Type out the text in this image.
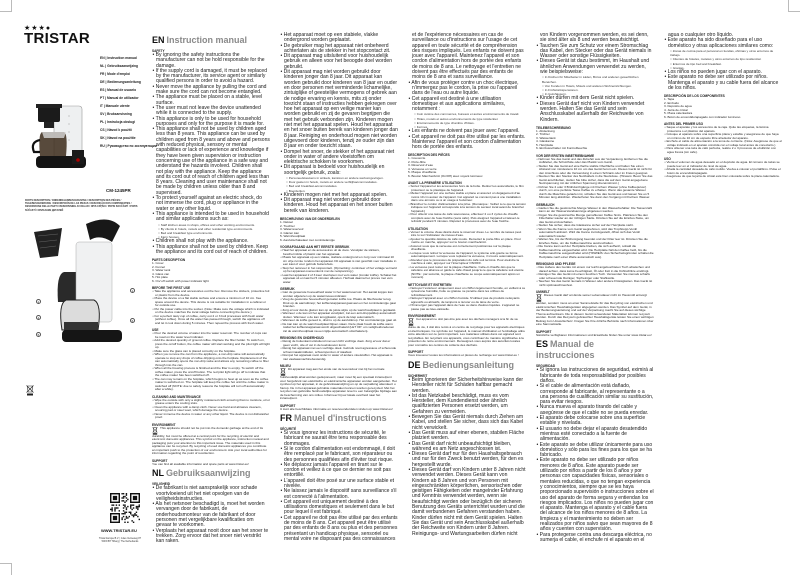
★★★●
TRISTAR
EN | Instruction manual
NL | Gebruiksaanwijzing
FR | Mode d'emploi
DE | Bedienungsanleitung
ES | Manual de usuario
PT | Manual de utilizador
IT | Manuale utente
SV | Bruksanvisning
PL | Instrukcja obsługi
CS | Návod k použití
SK | Návod na použitie
RU | Руководство по эксплуатации
CM-1245PR
PARTS DESCRIPTION / ONDERDELENBESCHRIJVING / DESCRIPTION DES PIÈCES / TEILEBESCHREIBUNG / DESCRIPCIÓN DE LAS PIEZAS / DESCRIÇÃO DOS COMPONENTES / DESCRIZIONE DELLE PARTI / BESKRIVNING AV DELAR / OPIS CZĘŚCI / POPIS SOUČÁSTÍ / POPIS SÚČASTÍ / ОПИСАНИЕ ДЕТАЛЕЙ
1
2
4
5
6
WWW.TRISTAR.EU
Tristar Europe B.V. | Jules Verneweg 87
5015 BH Tilburg | The Netherlands
EN Instruction manual
SAFETY
• By ignoring the safety instructions the manufacturer can not be hold responsible for the damage.
• If the supply cord is damaged, it must be replaced by the manufacturer, its service agent or similarly qualified persons in order to avoid a hazard.
• Never move the appliance by pulling the cord and make sure the cord can not become entangled.
• The appliance must be placed on a stable, level surface.
• The user must not leave the device unattended while it is connected to the supply.
• This appliance is only to be used for household purposes and only for the purpose it is made for.
• This appliance shall not be used by children aged less than 8 years. This appliance can be used by children aged from 8 years and above and persons with reduced physical, sensory or mental capabilities or lack of experience and knowledge if they have been given supervision or instruction concerning use of the appliance in a safe way and understand the hazards involved. Children shall not play with the appliance. Keep the appliance and its cord out of reach of children aged less than 8 years. Cleaning and user maintenance shall not be made by children unless older than 8 and supervised.
• To protect yourself against an electric shock, do not immerse the cord, plug or appliance in the water or any other liquid.
• This appliance is intended to be used in household and similar applications such as:
○ Staff kitchen areas in shops, offices and other working environments.
○ By clients in hotels, motels and other residential type environments.
○ Bed and breakfast type environments.
○ Farm houses.
• Children shall not play with the appliance.
• This appliance shall not be used by children. Keep the appliance and its cord out of reach of children.
PARTS DESCRIPTION
1. Cover
2. Funnel
3. Water tank
4. Glass can
5. Hot plate
6. On/ off switch with power indicator light
BEFORE THE FIRST USE
• Take the appliance and accessories out the box. Remove the stickers, protective foil or plastic from the device.
• Place the device on a flat stable surface and ensure a minimum of 10 cm. free space around the device. This device is not suitable for installation in a cabinet or for outside use.
• Put the power cable into the socket. (Note: Make sure the voltage which is indicated on the device matches the local voltage before connecting the device.)
• For a perfect tasty cup of coffee, carry out 2 or 3 boil processes with fresh water (without coffee). Once all the water has passed through, switch the appliance off and let it cool down during 5 minutes. Then repeat the process with fresh water.
USE
• Pour the desired volume of water into the water reservoir. The number of cups can be read on the water level indicator.
• Add the desired quantity of ground coffee. Replace the filter holder. To switch on, press the on/off button, the coffee maker will start working and the pilot light will light up.
• Make sure the glass can is placed correctly on the hotplate.
• When you remove the can from the appliance, a non-drip valve will automatically operate to stop any drops of coffee dripping onto the hotplate. Replacement of the can automatically opens the non-drip valve and allows any remaining coffee to filter through into the can.
• When all the brewing process is finished and the filter is empty. To switch off the coffee maker, press the on/off button. The red pilot light will go off to indicate that the coffee maker has been switched off.
• The can may remain on the hotplate, which begins to heat up as soon as the coffee maker is switched on. The hotplate will keep the coffee hot until the coffee maker is switched off (NOTE: due to safety reasons the hotplate will turn off automatically after a while).
CLEANING AND MAINTENANCE
• Wipe the outside with only a slightly moistened cloth ensuring that no moisture, oil or grease enters the cooling slots.
• Clean the appliance with a damp cloth. Never use hard and abrasive cleaners, scouring pad or steel wool, which damage the device.
• Never immerse the device in water or any other liquid. The device is not dishwasher proof.
ENVIRONMENT
This appliance should not be put into the domestic garbage at the end of its durability, but must be offered at a central point for the recycling of electric and electronic domestic appliances. This symbol on the appliance, instruction manual and packaging puts your attention to this important issue. The materials used in this appliance can be recycled. By recycling of used domestic appliances you contribute an important push to the protection of our environment. Ask your local authorities for information regarding the point of recollection.
SUPPORT
You can find all available information and spare parts at www.tristar.eu!
NL Gebruiksaanwijzing
VEILIGHEID
• De fabrikant is niet aansprakelijk voor schade voortvloeiend uit het niet opvolgen van de veiligheidsinstructies.
• Als het netsnoer beschadigd is, moet het worden vervangen door de fabrikant, de onderhoudsmonteur van de fabrikant of door personen met vergelijkbare kwalificaties om gevaar te voorkomen.
• Verplaats het apparaat nooit door aan het snoer te trekken. Zorg ervoor dat het snoer niet verstrikt kan raken.
• Het apparaat moet op een stabiele, vlakke ondergrond worden geplaatst.
• De gebruiker mag het apparaat niet onbeheerd achterlaten als de stekker in het stopcontact zit.
• Dit apparaat mag uitsluitend voor huishoudelijk gebruik en alleen voor het beoogde doel worden gebruikt.
• Dit apparaat mag niet worden gebruikt door kinderen jonger dan 8 jaar. Dit apparaat kan worden gebruikt door kinderen van 8 jaar en ouder en door personen met verminderde lichamelijke, zintuiglijke of geestelijke vermogens of gebrek aan de nodige ervaring en kennis, mits zij onder toezicht staan of instructies hebben gekregen over hoe het apparaat op een veilige manier kan worden gebruikt en zij de gevaren begrijpen die met het gebruik verbonden zijn. Kinderen mogen niet met het apparaat spelen. Houd het apparaat en het snoer buiten bereik van kinderen jonger dan 8 jaar. Reiniging en onderhoud mogen niet worden uitgevoerd door kinderen, tenzij ze ouder zijn dan 8 jaar en onder toezicht staan.
• Dompel het snoer, de stekker of het apparaat niet onder in water of andere vloeistoffen om elektrische schokken te voorkomen.
• Dit apparaat is bedoeld voor huishoudelijk en soortgelijk gebruik, zoals:
○ Personeelskeukens in winkels, kantoren en andere werkomgevingen.
○ Door gasten in hotels, motels en andere verblijfsaccommodaties.
○ Bed and breakfast-accommodaties.
○ Boerderijen.
• Kinderen mogen niet met het apparaat spelen.
• Dit apparaat mag niet worden gebruikt door kinderen. Houd het apparaat en het snoer buiten bereik van kinderen.
BESCHRIJVING VAN DE ONDERDELEN
1. Deksel
2. Trechter
3. Waterreservoir
4. Glazen kan
5. Warmhoudplaat
6. Aan/uitschakelaar met controlelampje
VOORAFGAAND AAN HET EERSTE GEBRUIK
• Haal het apparaat en de accessoires uit de doos. Verwijder de stickers, beschermfolie of plastic van het apparaat.
• Plaats het apparaat op een vlakke, stabiele ondergrond en zorg voor minimaal 10 cm vrije ruimte rondom het apparaat. Dit apparaat is niet geschikt voor installatie in een kast of voor gebruik buitenshuis.
• Stop het netsnoer in het stopcontact. (Opmerking: controleer of het voltage vermeld op het apparaat overeenkomt met de netspanning.)
• Laat het apparaat 2 of 3 keer doorlopen met vers water (zonder koffie). Schakel het apparaat uit en laat het 5 minuten afkoelen. Herhaal daarna het proces met vers water.
GEBRUIK
• Giet de gewenste hoeveelheid water in het waterreservoir. Het aantal kopjes kan worden afgelezen op de waterniveau-indicator.
• Voeg de gewenste hoeveelheid gemalen koffie toe. Plaats de filterhouder terug. Druk op de aan/uitknop; het koffiezetapparaat gaat aan en het controlelampje gaat branden.
• Zorg ervoor dat de glazen kan op de juiste wijze op de warmhoudplaat is geplaatst.
• Wanneer u de kan uit het apparaat verwijdert, zal een anti-druppelklep automatisch sluiten. Wanneer u de kan terugplaatst, opent de klep automatisch.
• Wanneer de koffie gereed is, drukt u op de aan/uitknop. Het controlelampje gaat uit.
• De kan kan op de warmhoudplaat blijven staan. Deze plaat houdt de koffie warm totdat het koffiezetapparaat wordt uitgeschakeld (LET OP: om veiligheidsredenen zal de warmhoudplaat na een tijdje automatisch uitschakelen).
REINIGING EN ONDERHOUD
• Reinig de buitenkant uitsluitend met een licht vochtige doek. Zorg ervoor dat er geen vocht, olie of vet in de koelsleuven komt.
• Reinig het apparaat met een vochtige doek. Gebruik nooit agressieve of schurende schoonmaakmiddelen, schuursponzen of staalwol.
• Dompel het apparaat nooit onder in water of andere vloeistoffen. Het apparaat is niet vaatwasmachinebestendig.
MILIEU
Dit apparaat mag aan het einde van de levensduur niet bij het normale huishoudelijk afval worden gedeponeerd, maar moet bij een speciaal inzamelpunt voor hergebruik van elektrische en elektronische apparaten worden aangeboden. Het symbool op het apparaat, in de gebruiksaanwijzing en op de verpakking attendeert u hierop. De in het apparaat gebruikte materialen kunnen worden gerecycled. Met het recyclen van gebruikte huishoudelijke apparaten levert u een belangrijke bijdrage aan de bescherming van ons milieu. Informeer bij uw lokale overheid naar het inzamelpunt.
SUPPORT
U kunt alle beschikbare informatie en reserveonderdelen vinden op www.tristar.eu!
FR Manuel d'instructions
SÉCURITÉ
• Si vous ignorez les instructions de sécurité, le fabricant ne saurait être tenu responsable des dommages.
• Si le cordon d'alimentation est endommagé, il doit être remplacé par le fabricant, son réparateur ou des personnes qualifiées afin d'éviter tout risque.
• Ne déplacez jamais l'appareil en tirant sur le cordon et veillez à ce que ce dernier ne soit pas entortillé.
• L'appareil doit être posé sur une surface stable et nivelée.
• Ne laissez jamais le dispositif sans surveillance s'il est connecté à l'alimentation.
• Cet appareil est uniquement destiné à des utilisations domestiques et seulement dans le but pour lequel il est fabriqué.
• Cet appareil ne doit pas être utilisé par des enfants de moins de 8 ans. Cet appareil peut être utilisé par des enfants de 8 ans ou plus et des personnes présentant un handicap physique, sensoriel ou mental voire ne disposant pas des connaissances et de l'expérience nécessaires en cas de surveillance ou d'instructions sur l'usage de cet appareil en toute sécurité et de compréhension des risques impliqués. Les enfants ne doivent pas jouer avec l'appareil. Maintenez l'appareil et son cordon d'alimentation hors de portée des enfants de moins de 8 ans. Le nettoyage et l'entretien ne doivent pas être effectués par des enfants de moins de 8 ans et sans surveillance.
• Afin de vous protéger contre un choc électrique, n'immergez pas le cordon, la prise ou l'appareil dans de l'eau ou autre liquide.
• Cet appareil est destiné à une utilisation domestique et aux applications similaires, notamment :
○ Coin cuisine des commerces, bureaux et autres environnements de travail.
○ Hôtes, motels et autres environnements de type résidentiel.
○ Environnements de type chambre d'hôtes.
○ Fermes.
• Les enfants ne doivent pas jouer avec l'appareil.
• Cet appareil ne doit pas être utilisé par les enfants. Maintenez l'appareil et son cordon d'alimentation hors de portée des enfants.
DESCRIPTION DES PIÈCES
1. Couvercle
2. Porte-filtre
3. Réservoir d'eau
4. Verseuse en verre
5. Plaque chauffante
6. Bouton Marche/Arrêt (On/Off) avec voyant lumineux
AVANT LA PREMIÈRE UTILISATION
• Sortez l'appareil et les accessoires hors de la boîte. Retirez les autocollants, le film protecteur ou le plastique de l'appareil.
• Mettez l'appareil sur une surface stable et plane et assurez un dégagement d'au moins 10 cm autour de l'appareil. Cet appareil ne convient pas à une installation dans une armoire ou à un usage à l'extérieur.
• Branchez le cordon d'alimentation à la prise. (Remarque : Veillez à ce que la tension indiquée sur l'appareil corresponde à la tension du secteur local avant de brancher l'appareil.)
• Pour obtenir une tasse de café savoureuse, effectuez 2 ou 3 cycles de chauffe complets avec de l'eau fraîche (sans café). Puis éteignez l'appareil et laissez-le refroidir pendant 5 minutes. Répétez le processus avec de l'eau fraîche.
UTILISATION
• Versez le volume d'eau désiré dans le réservoir d'eau. Le nombre de tasses peut être lu sur l'indicateur de niveau d'eau.
• Ajoutez la quantité désirée de café moulu. Remettez le porte-filtre en place. Pour mettre en marche, appuyez sur le bouton marche/arrêt.
• Assurez-vous que la verseuse est correctement positionnée sur la plaque chauffante.
• Lorsque vous retirez la verseuse de l'appareil, le système anti-goutte se ferme automatiquement. Lorsque vous replacez la verseuse, il s'ouvre automatiquement.
• Attendez que le processus de préparation du café soit terminé. Pour éteindre la machine à café, appuyez sur l'interrupteur ON/OFF.
• La verseuse peut rester sur la plaque chauffante. Celle-ci chauffe dès que la cafetière est allumée et garde le café chaud jusqu'à ce que la cafetière soit éteinte (NOTE : par sécurité, la plaque chauffante se coupe automatiquement après un moment).
NETTOYAGE ET ENTRETIEN
• Nettoyez l'extérieur uniquement avec un chiffon légèrement humide, en veillant à ce qu'aucune humidité, huile ou graisse ne pénètre dans les orifices de refroidissement.
• Nettoyez l'appareil avec un chiffon humide. N'utilisez pas de produits nettoyants agressifs ou abrasifs, de tampons à récurer ou de laine de verre.
• N'immergez pas l'appareil dans de l'eau ou dans d'autres liquides. L'appareil ne passe pas au lave-vaisselle.
ENVIRONNEMENT
Cet appareil ne doit pas être jeté avec les déchets ménagers à la fin de sa durée de vie, il doit être remis à un centre de recyclage pour les appareils électriques et électroniques. Ce symbole sur l'appareil, le manuel d'utilisation et l'emballage attire votre attention sur ce point important. Les matériaux utilisés dans cet appareil sont recyclables. En recyclant vos appareils, vous contribuez de manière significative à la protection de notre environnement. Renseignez-vous auprès des autorités locales pour connaître les centres de collecte des déchets.
SUPPORT
Vous trouverez toutes les informations et pièces de rechange sur www.tristar.eu !
DE Bedienungsanleitung
SICHERHEIT
• Beim Ignorieren der Sicherheitshinweise kann der Hersteller nicht für Schäden haftbar gemacht werden.
• Ist das Netzkabel beschädigt, muss es vom Hersteller, dem Kundendienst oder ähnlich qualifizierten Personen ersetzt werden, um Gefahren zu vermeiden.
• Bewegen Sie das Gerät niemals durch Ziehen am Kabel, und stellen Sie sicher, dass sich das Kabel nicht verwickelt.
• Das Gerät muss auf einer ebenen, stabilen Fläche platziert werden.
• Das Gerät darf nicht unbeaufsichtigt bleiben, während es am Netz angeschlossen ist.
• Dieses Gerät darf nur für den Haushaltsgebrauch und nur für den Zweck benutzt werden, für den es hergestellt wurde.
• Dieses Gerät darf von Kindern unter 8 Jahren nicht verwendet werden. Dieses Gerät kann von Kindern ab 8 Jahren und von Personen mit eingeschränkten körperlichen, sensorischen oder geistigen Fähigkeiten oder mangelnder Erfahrung und Kenntnis verwendet werden, wenn sie beaufsichtigt werden oder bezüglich der sicheren Benutzung des Geräts unterrichtet wurden und die damit verbundenen Gefahren verstanden haben. Kinder dürfen nicht mit dem Gerät spielen. Halten Sie das Gerät und sein Anschlusskabel außerhalb der Reichweite von Kindern unter 8 Jahren. Reinigungs- und Wartungsarbeiten dürfen nicht von Kindern vorgenommen werden, es sei denn, sie sind älter als 8 und werden beaufsichtigt.
• Tauchen Sie zum Schutz vor einem Stromschlag das Kabel, den Stecker oder das Gerät niemals in Wasser oder sonstige Flüssigkeiten.
• Dieses Gerät ist dazu bestimmt, im Haushalt und ähnlichen Anwendungen verwendet zu werden, wie beispielsweise:
○ In Küchen für Mitarbeiter in Läden, Büros und anderen gewerblichen Bereichen.
○ Von Kunden in Hotels, Motels und anderen Wohneinrichtungen.
○ In Frühstückspensionen.
○ In Gutshäusern.
• Kinder dürfen mit dem Gerät nicht spielen.
• Dieses Gerät darf nicht von Kindern verwendet werden. Halten Sie das Gerät und sein Anschlusskabel außerhalb der Reichweite von Kindern.
TEILEBESCHREIBUNG
1. Abdeckung
2. Trichter
3. Wassertank
4. Glaskanne
5. Heizplatte
6. Ein/Ausschalter mit Kontrollleuchte
VOR DER ERSTEN INBETRIEBNAHME
• Nehmen Sie das Gerät und das Zubehör aus der Verpackung. Entfernen Sie die Aufkleber, die Schutzfolie oder das Plastik vom Gerät.
• Stellen Sie das Gerät auf eine flache stabile Oberfläche und halten Sie einen Abstand von mindestens 10 cm um das Gerät herum ein. Dieses Gerät ist nicht für den Anschluss oder die Verwendung in einem Schrank oder im Freien geeignet.
• Stecken Sie den Stecker des Netzkabels in die Steckdose. (Hinweis: Bevor Sie das Gerät anschließen, stellen Sie bitte sicher, dass die auf dem Gerät angegebene Netzspannung mit der örtlichen Spannung übereinstimmt.)
• Führen Sie 2 oder 3 Brühdurchgänge mit frischem Wasser (ohne Kaffeepulver) durch, um eine perfekte Tasse Kaffee zu erhalten. Wenn das gesamte Wasser durch die Maschine gelaufen ist, schalten Sie das Gerät aus und lassen Sie es 5 Minuten lang abkühlen. Wiederholen Sie dann den Vorgang mit frischem Wasser.
GEBRAUCH
• Gießen Sie die gewünschte Menge Wasser in den Wasserbehälter. Die Tassenzahl kann an der Wasserstandsanzeige abgelesen werden.
• Fügen Sie die gewünschte Menge gemahlenen Kaffee hinzu. Platzieren Sie den Filterhalter wieder an der richtigen Stelle. Drücken Sie auf die Ein/Aus-Taste, um das Gerät einzuschalten.
• Stellen Sie sicher, dass die Glaskanne sicher auf der Heizplatte steht.
• Wenn Sie die Kanne vom Gerät wegnehmen, wird das Tropfstopp-Ventil automatisch aktiviert. Wird die Kanne zurückgestellt, öffnet sich das Ventil automatisch wieder.
• Warten Sie, bis der Brühvorgang beendet und der Filter leer ist. Drücken Sie die Ein/Aus-Taste, um die Kaffeemaschine auszuschalten.
• Die Kanne kann auf der Heizplatte bleiben, die sich aufheizt, sobald die Kaffeemaschine eingeschaltet wird. Die Heizplatte hält den Kaffee heiß, bis die Kaffeemaschine ausgeschaltet wird (HINWEIS: Aus Sicherheitsgründen schaltet die Heizplatte nach einer Weile automatisch aus).
REINIGUNG UND PFLEGE
• Das Äußere des Geräts mit einem nur leicht angefeuchteten Tuch abwischen und darauf achten, dass keine Feuchtigkeit, Öl oder Fett in die Kühlschlitze eindringt.
• Reinigen Sie das Gerät mit einem feuchten Tuch. Verwenden Sie niemals scharfe oder scheuernde Reiniger, Topfreiniger oder Stahlwolle.
• Tauchen Sie das Gerät niemals in Wasser oder andere Flüssigkeiten. Das Gerät ist nicht spülmaschinenfest.
UMWELT
Dieses Gerät darf am Ende seiner Lebensdauer nicht im Hausmüll entsorgt werden, sondern muss an einer Sammelstelle für das Recycling von elektrischen und elektronischen Haushaltsgeräten abgegeben werden. Das Symbol auf dem Gerät, in der Bedienungsanleitung und auf der Verpackung macht Sie auf dieses wichtige Thema aufmerksam. Die in diesem Gerät verwendeten Materialien können recycelt werden. Durch das Recyceln gebrauchter Haushaltsgeräte leisten Sie einen wichtigen Beitrag zum Umweltschutz. Fragen Sie Ihre örtliche Behörde nach Informationen über eine Sammelstelle.
SUPPORT
Sämtliche verfügbaren Informationen und Ersatzteile finden Sie unter www.tristar.eu!
ES Manual de instrucciones
SEGURIDAD
• Si ignora las instrucciones de seguridad, eximirá al fabricante de toda responsabilidad por posibles daños.
• Si el cable de alimentación está dañado, corresponde al fabricante, al representante o a una persona de cualificación similar su sustitución, para evitar riesgos.
• Nunca mueva el aparato tirando del cable y asegúrese de que el cable no se pueda enredar.
• El aparato debe colocarse sobre una superficie estable y nivelada.
• El usuario no debe dejar el aparato desatendido mientras esté conectado a la fuente de alimentación.
• Este aparato se debe utilizar únicamente para uso doméstico y sólo para los fines para los que se ha fabricado.
• Este aparato no debe ser utilizado por niños menores de 8 años. Este aparato puede ser utilizado por niños a partir de los 8 años y por personas con capacidades físicas, sensoriales o mentales reducidas, o que no tengan experiencia y conocimientos, siempre que se les haya proporcionado supervisión o instrucciones sobre el uso del aparato de forma segura y entiendan los riesgos implicados. Los niños no pueden jugar con el aparato. Mantenga el aparato y el cable fuera del alcance de los niños menores de 8 años. La limpieza y el mantenimiento no deben ser realizados por niños salvo que sean mayores de 8 años y cuenten con supervisión.
• Para protegerse contra una descarga eléctrica, no sumerja el cable, el enchufe ni el aparato en el agua o cualquier otro líquido.
• Este aparato ha sido diseñado para el uso doméstico y otras aplicaciones similares como:
○ Zonas de cocina para el personal en tiendas, oficinas y otros entornos de trabajo.
○ Clientes de hoteles, moteles y otros entornos de tipo residencial.
○ Entornos de tipo bed and breakfast.
○ Granjas.
• Los niños no pueden jugar con el aparato.
• Este aparato no debe ser utilizado por niños. Mantenga el aparato y su cable fuera del alcance de los niños.
DESCRIPCIÓN DE LOS COMPONENTES
1. Tapa
2. Embudo
3. Depósito de agua
4. Jarra de cristal
5. Placa calentadora
6. Botón de encendido/apagado con indicador luminoso
ANTES DEL PRIMER USO
• Saque el aparato y los accesorios de la caja. Quite las etiquetas, la lámina protectora o el plástico del aparato.
• Coloque el aparato sobre una superficie plana y estable y asegúrese de que haya un mínimo de 10 cm de espacio libre alrededor del aparato.
• Enchufe el cable de alimentación a la toma de corriente. (Nota: Asegúrese de que el voltaje indicado en el aparato coincida con el voltaje local antes de conectarlo.)
• Para obtener una taza de café perfecta, realice 2 o 3 procesos de ebullición con agua fresca (sin café).
USO
• Vierta el volumen de agua deseado en el depósito de agua. El número de tazas se puede leer en el indicador de nivel de agua.
• Añada la cantidad deseada de café molido. Vuelva a colocar el portafiltros. Pulse el botón de encendido/apagado.
• Asegúrese de que la jarra de cristal esté bien colocada sobre la placa calentadora.
